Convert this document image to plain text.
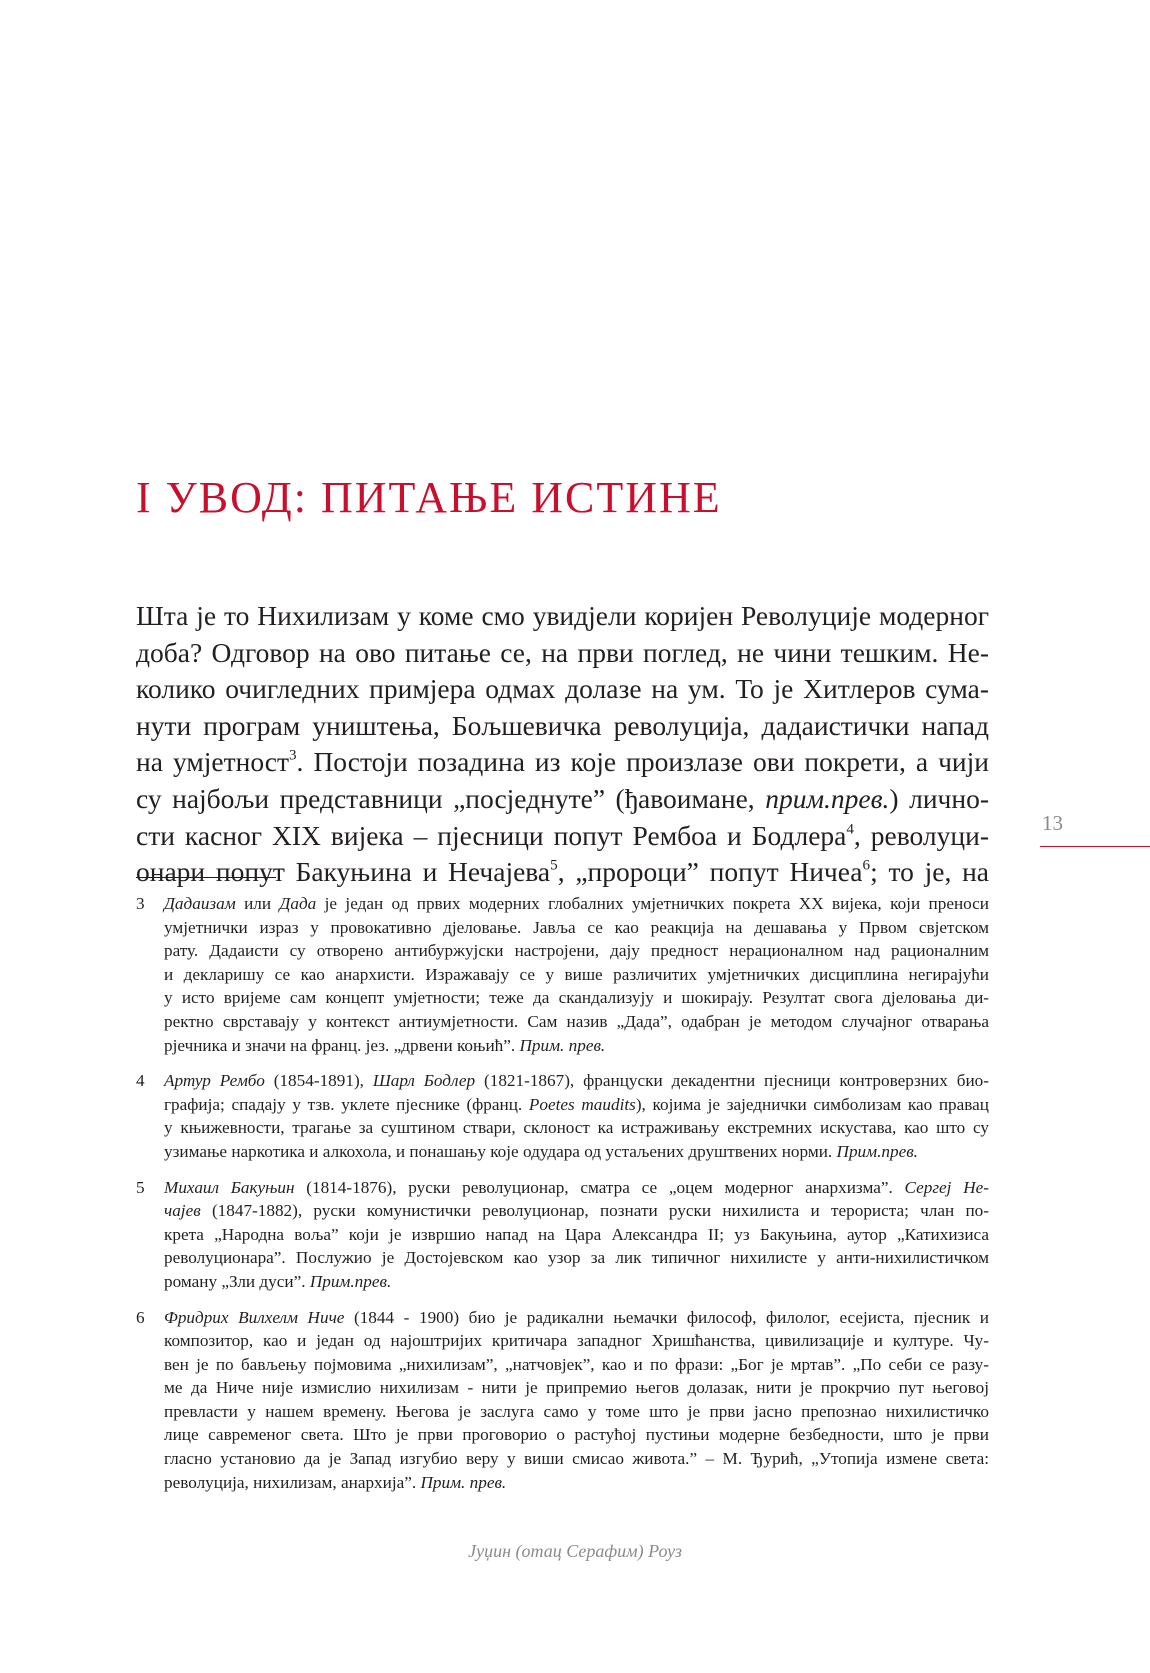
I УВОД: ПИТАЊЕ ИСТИНЕ
Шта је то Нихилизам у коме смо увидјели коријен Револуције модерног
доба? Одговор на ово питање се, на први поглед, не чини тешким. Не-
колико очигледних примјера одмах долазе на ум. То је Хитлеров сума-
нути програм уништења, Бољшевичка револуција, дадаистички напад
на умјетност$^3$. Постоји позадина из које произлазе ови покрети, а чији
су најбољи представници „посједнуте” (ђавоимане, прим.прев.) лично-
сти касног XIX вијека – пјесници попут Рембоа и Бодлера$^4$, револуци-
онари попут Бакуњина и Нечајева$^5$, „пророци” попут Ничеа$^6$; то је, на
3 Дадаизам или Дада је један од првих модерних глобалних умјетничких покрета XX вијека, који преноси
умјетнички израз у провокативно дјеловање. Јавља се као реакција на дешавања у Првом свјетском
рату. Дадаисти су отворено антибуржујски настројени, дају предност нерационалном над рационалним
и декларишу се као анархисти. Изражавају се у више различитих умјетничких дисциплина негирајући
у исто вријеме сам концепт умјетности; теже да скандализују и шокирају. Резултат свога дјеловања ди-
ректно сврставају у контекст антиумјетности. Сам назив „Дада”, одабран је методом случајног отварања
рјечника и значи на франц. јез. „дрвени коњић”. Прим. прев.
4 Артур Рембо (1854-1891), Шарл Бодлер (1821-1867), француски декадентни пјесници контроверзних био-
графија; спадају у тзв. уклете пјеснике (франц. Poetes maudits), којима је заједнички симболизам као правац
у књижевности, трагање за суштином ствари, склоност ка истраживању екстремних искустава, као што су
узимање наркотика и алкохола, и понашању које одудара од устаљених друштвених норми. Прим.прев.
5 Михаил Бакуњин (1814-1876), руски револуционар, сматра се „оцем модерног анархизма”. Сергеј Не-
чајев (1847-1882), руски комунистички револуционар, познати руски нихилиста и терориста; члан по-
крета „Народна воља” који је извршио напад на Цара Александра II; уз Бакуњина, аутор „Катихизиса
револуционара”. Послужио је Достојевском као узор за лик типичног нихилисте у анти-нихилистичком
роману „Зли дуси”. Прим.прев.
6 Фридрих Вилхелм Ниче (1844 - 1900) био је радикални њемачки философ, филолог, есејиста, пјесник и
композитор, као и један од најоштријих критичара западног Хришћанства, цивилизације и културе. Чу-
вен је по бављењу појмовима „нихилизам”, „натчовјек”, као и по фрази: „Бог је мртав”. „По себи се разу-
ме да Ниче није измислио нихилизам - нити је припремио његов долазак, нити је прокрчио пут његовој
превласти у нашем времену. Његова је заслуга само у томе што је први јасно препознао нихилистичко
лице савременог света. Што је први проговорио о растућој пустињи модерне безбедности, што је први
гласно установио да је Запад изгубио веру у виши смисао живота.” – М. Ђурић, „Утопија измене света:
револуција, нихилизам, анархија”. Прим. прев.
13
Јуџин (отац Серафим) Роуз
